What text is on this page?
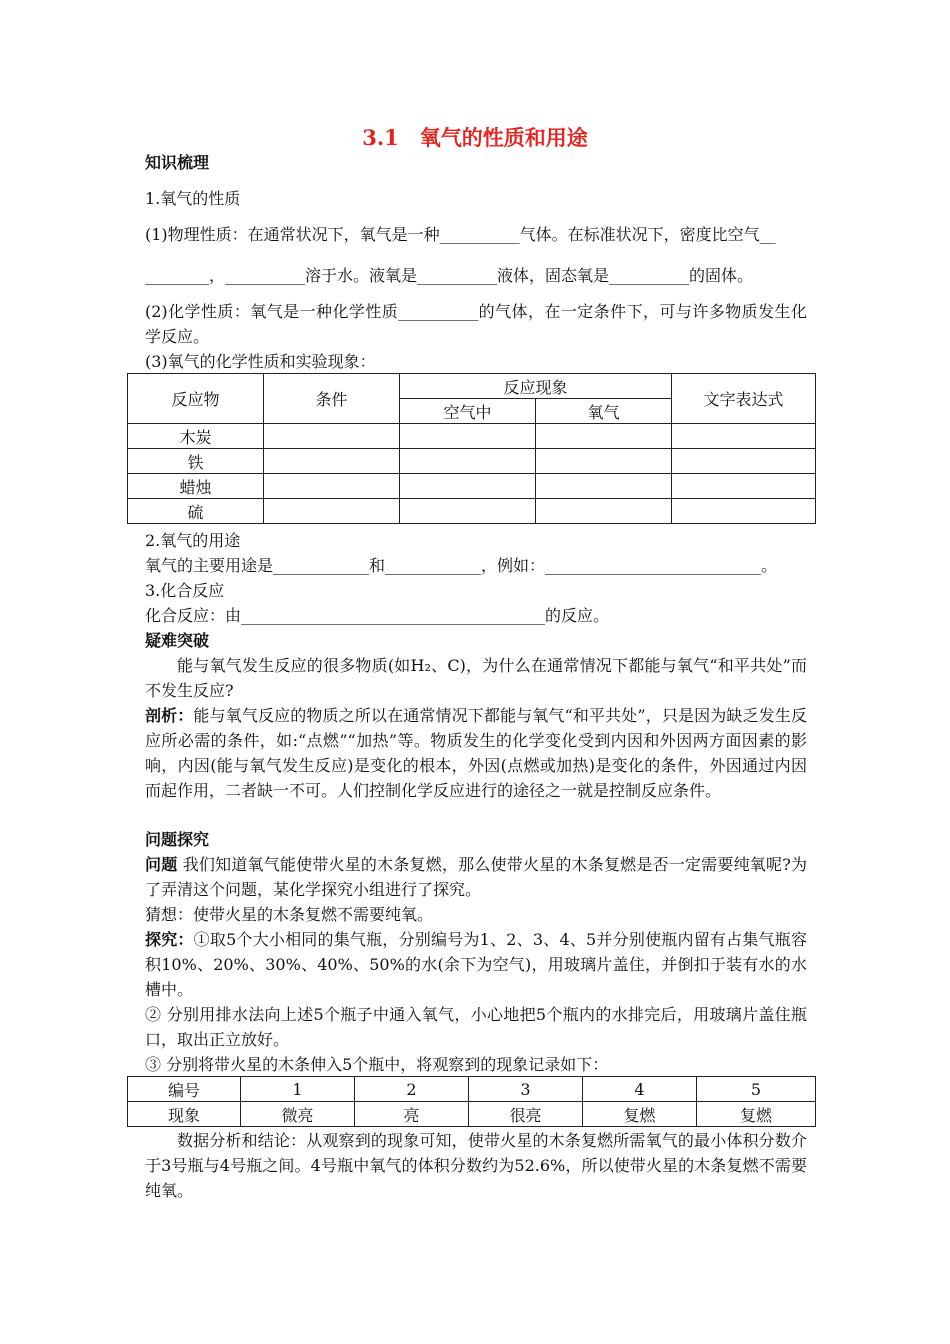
3.1　氧气的性质和用途
知识梳理
1.氧气的性质
(1)物理性质：在通常状况下，氧气是一种__________气体。在标准状况下，密度比空气__
________，__________溶于水。液氧是__________液体，固态氧是__________的固体。
(2)化学性质：氧气是一种化学性质__________的气体，在一定条件下，可与许多物质发生化学反应。
(3)氧气的化学性质和实验现象：
反应物	条件	反应现象		文字表达式
		空气中	氧气	
木炭				
铁				
蜡烛				
硫				
2.氧气的用途
氧气的主要用途是____________和____________，例如：___________________________。
3.化合反应
化合反应：由______________________________________的反应。
疑难突破
能与氧气发生反应的很多物质(如H₂、C)，为什么在通常情况下都能与氧气“和平共处”而不发生反应?
剖析：能与氧气反应的物质之所以在通常情况下都能与氧气“和平共处”，只是因为缺乏发生反应所必需的条件，如:“点燃”“加热”等。物质发生的化学变化受到内因和外因两方面因素的影响，内因(能与氧气发生反应)是变化的根本，外因(点燃或加热)是变化的条件，外因通过内因而起作用，二者缺一不可。人们控制化学反应进行的途径之一就是控制反应条件。
问题探究
问题 我们知道氧气能使带火星的木条复燃，那么使带火星的木条复燃是否一定需要纯氧呢?为了弄清这个问题，某化学探究小组进行了探究。
猜想：使带火星的木条复燃不需要纯氧。
探究：①取5个大小相同的集气瓶，分别编号为1、2、3、4、5并分别使瓶内留有占集气瓶容积10%、20%、30%、40%、50%的水(余下为空气)，用玻璃片盖住，并倒扣于装有水的水槽中。
② 分别用排水法向上述5个瓶子中通入氧气，小心地把5个瓶内的水排完后，用玻璃片盖住瓶口，取出正立放好。
③ 分别将带火星的木条伸入5个瓶中，将观察到的现象记录如下：
编号	1	2	3	4	5
现象	微亮	亮	很亮	复燃	复燃
数据分析和结论：从观察到的现象可知，使带火星的木条复燃所需氧气的最小体积分数介于3号瓶与4号瓶之间。4号瓶中氧气的体积分数约为52.6%，所以使带火星的木条复燃不需要纯氧。
